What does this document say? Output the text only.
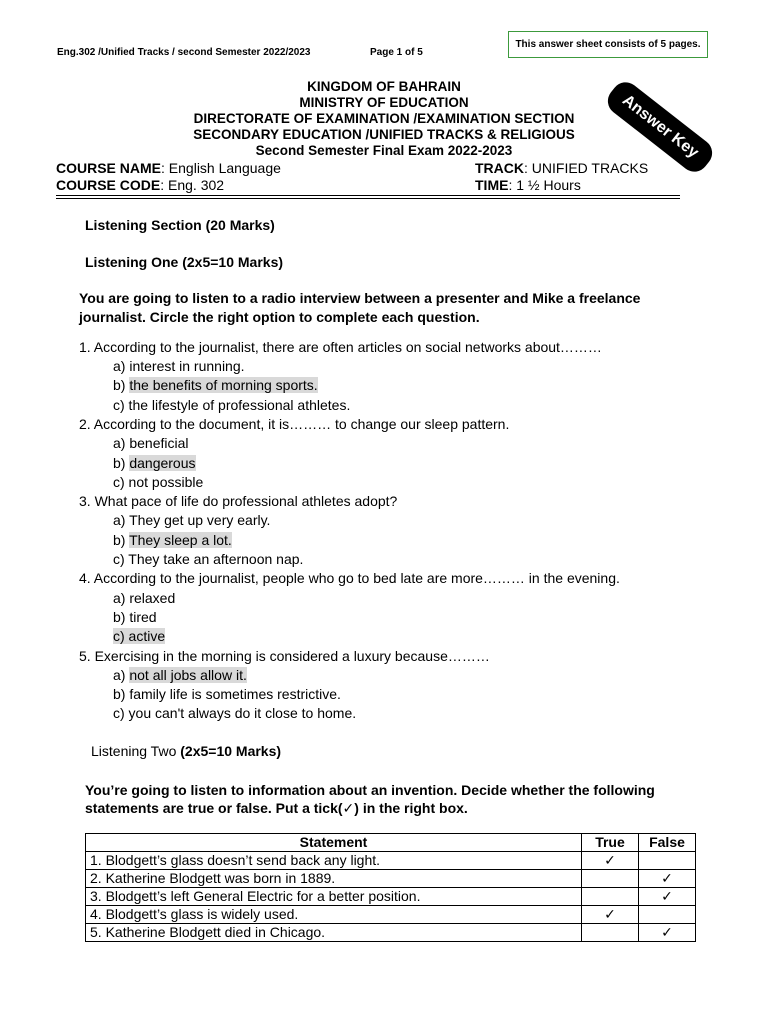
Eng.302 /Unified Tracks / second Semester 2022/2023	Page 1 of 5
This answer sheet consists of 5 pages.
KINGDOM OF BAHRAIN
MINISTRY OF EDUCATION
DIRECTORATE OF EXAMINATION /EXAMINATION SECTION
SECONDARY EDUCATION /UNIFIED TRACKS & RELIGIOUS
Second Semester Final Exam 2022-2023	Answer Key
COURSE NAME: English Language	TRACK: UNIFIED TRACKS
COURSE CODE: Eng. 302	TIME: 1 ½ Hours
Listening Section (20 Marks)
Listening One (2x5=10 Marks)
You are going to listen to a radio interview between a presenter and Mike a freelance
journalist. Circle the right option to complete each question.
1. According to the journalist, there are often articles on social networks about………
a) interest in running.
b) the benefits of morning sports.
c) the lifestyle of professional athletes.
2. According to the document, it is……… to change our sleep pattern.
a) beneficial
b) dangerous
c) not possible
3. What pace of life do professional athletes adopt?
a) They get up very early.
b) They sleep a lot.
c) They take an afternoon nap.
4. According to the journalist, people who go to bed late are more……… in the evening.
a) relaxed
b) tired
c) active
5. Exercising in the morning is considered a luxury because………
a) not all jobs allow it.
b) family life is sometimes restrictive.
c) you can't always do it close to home.
Listening Two (2x5=10 Marks)
You’re going to listen to information about an invention. Decide whether the following
statements are true or false. Put a tick(✓) in the right box.
Statement	True	False
1. Blodgett’s glass doesn’t send back any light.	✓	
2. Katherine Blodgett was born in 1889.		✓
3. Blodgett’s left General Electric for a better position.		✓
4. Blodgett’s glass is widely used.	✓	
5. Katherine Blodgett died in Chicago.		✓
